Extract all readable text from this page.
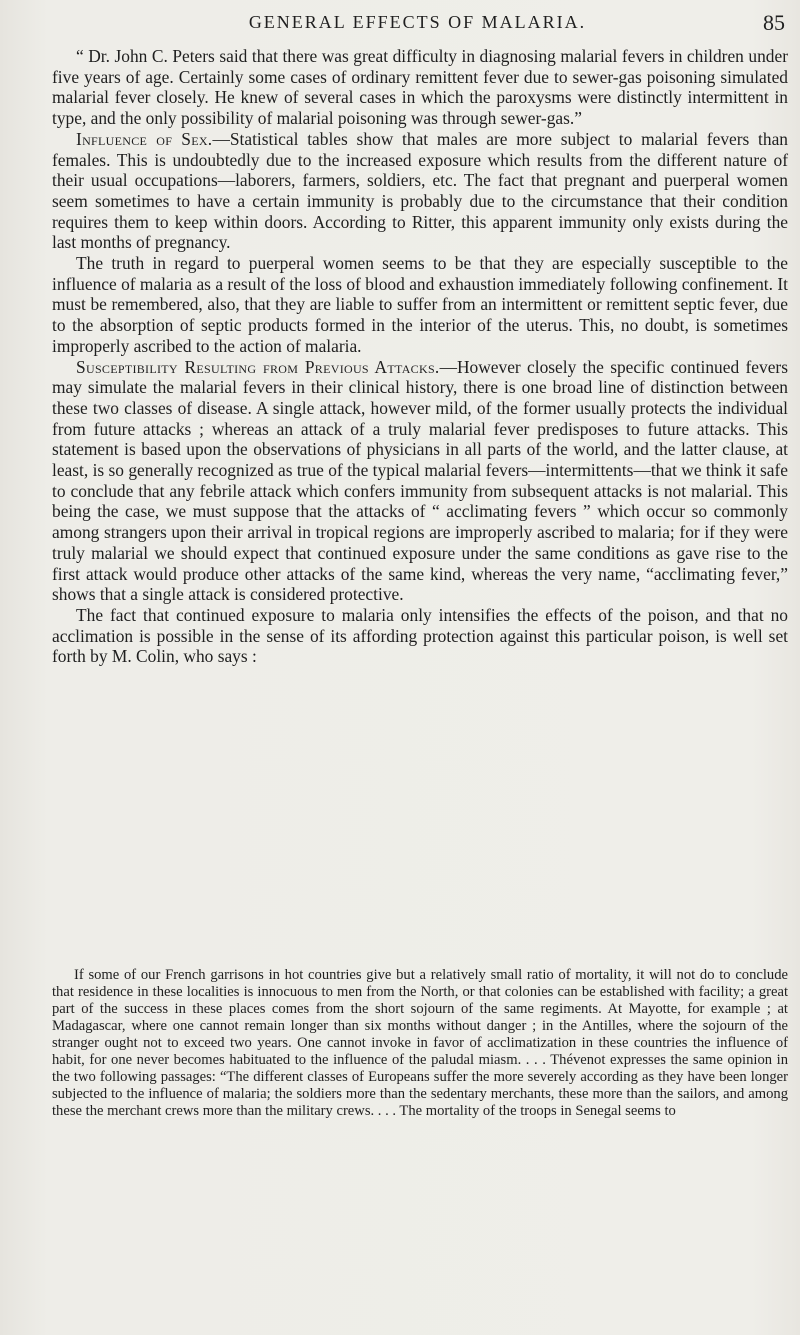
GENERAL EFFECTS OF MALARIA.	85

“ Dr. John C. Peters said that there was great difficulty in diagnosing malarial fevers in children under five years of age. Certainly some cases of ordinary remittent fever due to sewer-gas poisoning simulated malarial fever closely. He knew of several cases in which the paroxysms were distinctly intermittent in type, and the only possibility of malarial poisoning was through sewer-gas.”

Influence of Sex.—Statistical tables show that males are more subject to malarial fevers than females. This is undoubtedly due to the increased exposure which results from the different nature of their usual occupations—laborers, farmers, soldiers, etc. The fact that pregnant and puerperal women seem sometimes to have a certain immunity is probably due to the circumstance that their condition requires them to keep within doors. According to Ritter, this apparent immunity only exists during the last months of pregnancy.

The truth in regard to puerperal women seems to be that they are especially susceptible to the influence of malaria as a result of the loss of blood and exhaustion immediately following confinement. It must be remembered, also, that they are liable to suffer from an intermittent or remittent septic fever, due to the absorption of septic products formed in the interior of the uterus. This, no doubt, is sometimes improperly ascribed to the action of malaria.

Susceptibility Resulting from Previous Attacks.—However closely the specific continued fevers may simulate the malarial fevers in their clinical history, there is one broad line of distinction between these two classes of disease. A single attack, however mild, of the former usually protects the individual from future attacks ; whereas an attack of a truly malarial fever predisposes to future attacks. This statement is based upon the observations of physicians in all parts of the world, and the latter clause, at least, is so generally recognized as true of the typical malarial fevers—intermittents—that we think it safe to conclude that any febrile attack which confers immunity from subsequent attacks is not malarial. This being the case, we must suppose that the attacks of “ acclimating fevers ” which occur so commonly among strangers upon their arrival in tropical regions are improperly ascribed to malaria; for if they were truly malarial we should expect that continued exposure under the same conditions as gave rise to the first attack would produce other attacks of the same kind, whereas the very name, “acclimating fever,” shows that a single attack is considered protective.

The fact that continued exposure to malaria only intensifies the effects of the poison, and that no acclimation is possible in the sense of its affording protection against this particular poison, is well set forth by M. Colin, who says :

If some of our French garrisons in hot countries give but a relatively small ratio of mortality, it will not do to conclude that residence in these localities is innocuous to men from the North, or that colonies can be established with facility; a great part of the success in these places comes from the short sojourn of the same regiments. At Mayotte, for example ; at Madagascar, where one cannot remain longer than six months without danger ; in the Antilles, where the sojourn of the stranger ought not to exceed two years. One cannot invoke in favor of acclimatization in these countries the influence of habit, for one never becomes habituated to the influence of the paludal miasm. . . . Thévenot expresses the same opinion in the two following passages: “The different classes of Europeans suffer the more severely according as they have been longer subjected to the influence of malaria; the soldiers more than the sedentary merchants, these more than the sailors, and among these the merchant crews more than the military crews. . . . The mortality of the troops in Senegal seems to
